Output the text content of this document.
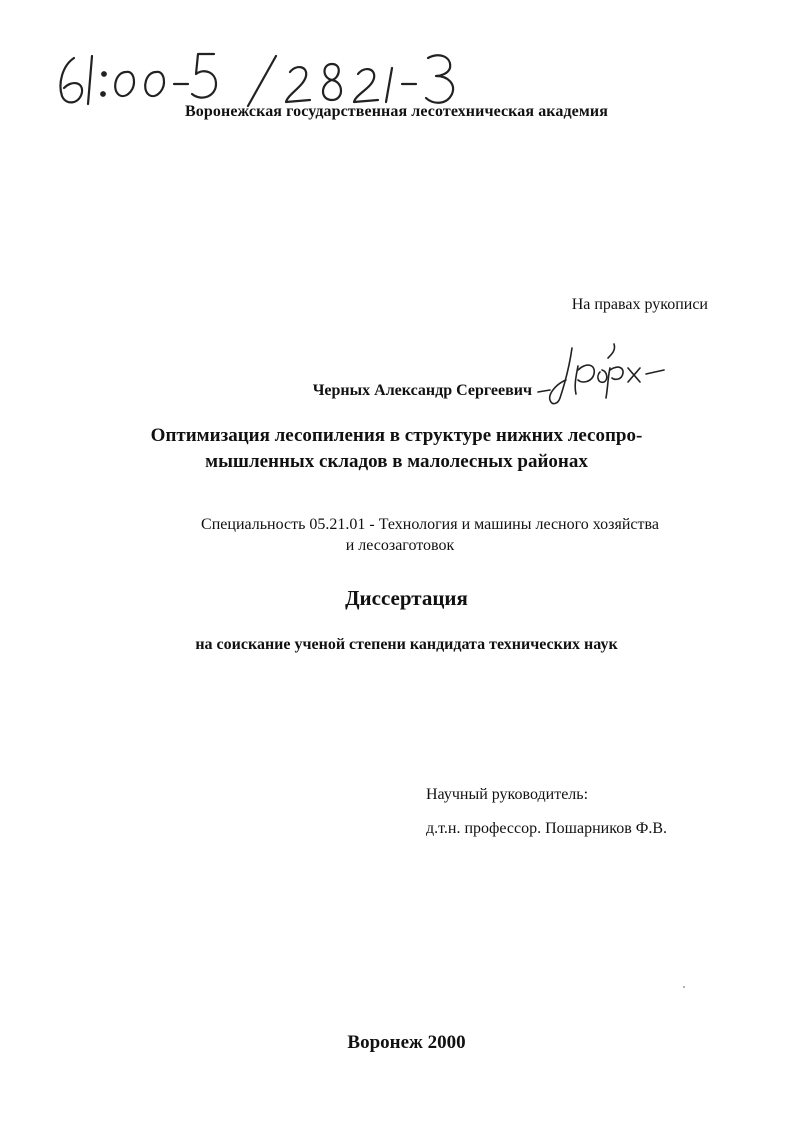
Воронежская государственная лесотехническая академия
На правах рукописи
Черных Александр Сергеевич
Оптимизация лесопиления в структуре нижних лесопро-
мышленных складов в малолесных районах
Специальность 05.21.01 - Технология и машины лесного хозяйства
и лесозаготовок
Диссертация
на соискание ученой степени кандидата технических наук
Научный руководитель:
д.т.н. профессор. Пошарников Ф.В.
Воронеж 2000
